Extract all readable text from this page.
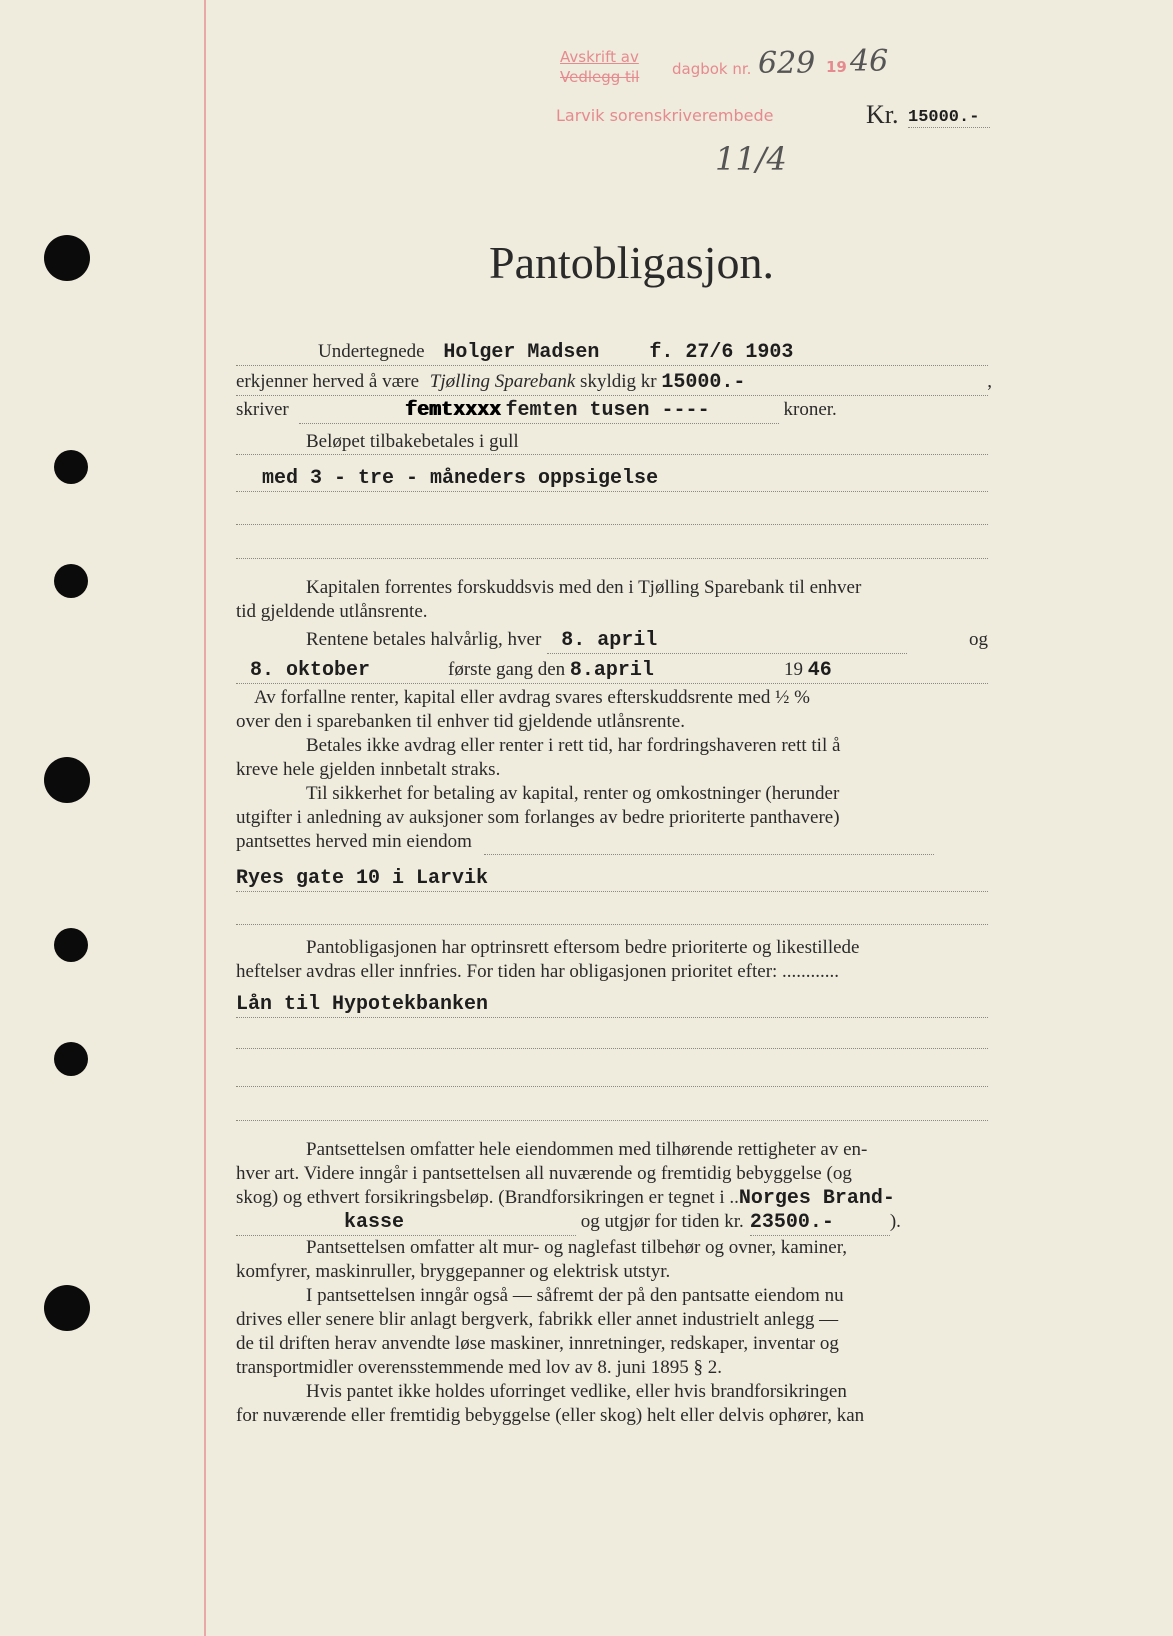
Avskrift av
Vedlegg til dagbok nr. 629 19 46
Larvik sorenskriverembede	Kr. 15000.-
11/4
Pantobligasjon.
Undertegnede Holger Madsen	f. 27/6 1903
erkjenner herved å være Tjølling Sparebank skyldig kr 15000.-	,
skriver	femtxxxx femten tusen ----	kroner.
Beløpet tilbakebetales i gull
med 3 - tre - måneders oppsigelse

Kapitalen forrentes forskuddsvis med den i Tjølling Sparebank til enhver
tid gjeldende utlånsrente.
Rentene betales halvårlig, hver 8. april	og
8. oktober	første gang den 8.april	19 46
Av forfallne renter, kapital eller avdrag svares efterskuddsrente med ½ %
over den i sparebanken til enhver tid gjeldende utlånsrente.
Betales ikke avdrag eller renter i rett tid, har fordringshaveren rett til å
kreve hele gjelden innbetalt straks.
Til sikkerhet for betaling av kapital, renter og omkostninger (herunder
utgifter i anledning av auksjoner som forlanges av bedre prioriterte panthavere)
pantsettes herved min eiendom
Ryes gate 10 i Larvik

Pantobligasjonen har optrinsrett eftersom bedre prioriterte og likestillede
heftelser avdras eller innfries. For tiden har obligasjonen prioritet efter: ............
Lån til Hypotekbanken

Pantsettelsen omfatter hele eiendommen med tilhørende rettigheter av en-
hver art. Videre inngår i pantsettelsen all nuværende og fremtidig bebyggelse (og
skog) og ethvert forsikringsbeløp. (Brandforsikringen er tegnet i ..Norges Brand-
kasse	og utgjør for tiden kr. 23500.-	).
Pantsettelsen omfatter alt mur- og naglefast tilbehør og ovner, kaminer,
komfyrer, maskinruller, bryggepanner og elektrisk utstyr.
I pantsettelsen inngår også — såfremt der på den pantsatte eiendom nu
drives eller senere blir anlagt bergverk, fabrikk eller annet industrielt anlegg —
de til driften herav anvendte løse maskiner, innretninger, redskaper, inventar og
transportmidler overensstemmende med lov av 8. juni 1895 § 2.
Hvis pantet ikke holdes uforringet vedlike, eller hvis brandforsikringen
for nuværende eller fremtidig bebyggelse (eller skog) helt eller delvis ophører, kan
